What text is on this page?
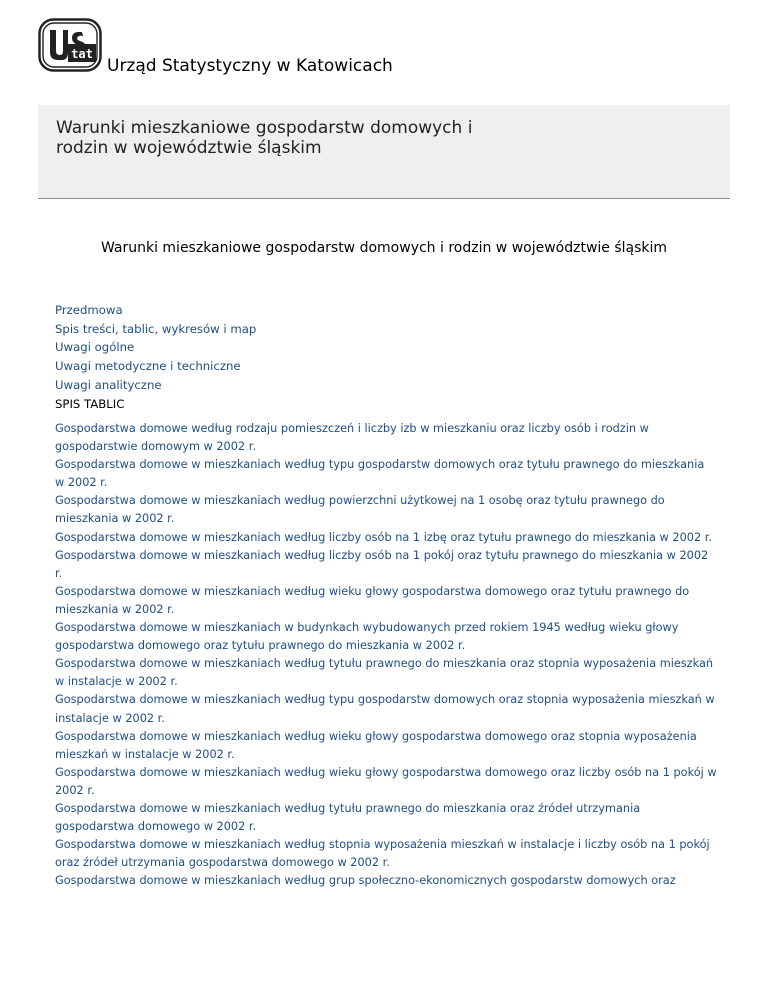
tat
Urząd Statystyczny w Katowicach
Warunki mieszkaniowe gospodarstw domowych i rodzin w województwie śląskim
Warunki mieszkaniowe gospodarstw domowych i rodzin w województwie śląskim
Przedmowa
Spis treści, tablic, wykresów i map
Uwagi ogólne
Uwagi metodyczne i techniczne
Uwagi analityczne
SPIS TABLIC
Gospodarstwa domowe według rodzaju pomieszczeń i liczby izb w mieszkaniu oraz liczby osób i rodzin w gospodarstwie domowym w 2002 r.
Gospodarstwa domowe w mieszkaniach według typu gospodarstw domowych oraz tytułu prawnego do mieszkania w 2002 r.
Gospodarstwa domowe w mieszkaniach według powierzchni użytkowej na 1 osobę oraz tytułu prawnego do mieszkania w 2002 r.
Gospodarstwa domowe w mieszkaniach według liczby osób na 1 izbę oraz tytułu prawnego do mieszkania w 2002 r.
Gospodarstwa domowe w mieszkaniach według liczby osób na 1 pokój oraz tytułu prawnego do mieszkania w 2002 r.
Gospodarstwa domowe w mieszkaniach według wieku głowy gospodarstwa domowego oraz tytułu prawnego do mieszkania w 2002 r.
Gospodarstwa domowe w mieszkaniach w budynkach wybudowanych przed rokiem 1945 według wieku głowy gospodarstwa domowego oraz tytułu prawnego do mieszkania w 2002 r.
Gospodarstwa domowe w mieszkaniach według tytułu prawnego do mieszkania oraz stopnia wyposażenia mieszkań w instalacje w 2002 r.
Gospodarstwa domowe w mieszkaniach według typu gospodarstw domowych oraz stopnia wyposażenia mieszkań w instalacje w 2002 r.
Gospodarstwa domowe w mieszkaniach według wieku głowy gospodarstwa domowego oraz stopnia wyposażenia mieszkań w instalacje w 2002 r.
Gospodarstwa domowe w mieszkaniach według wieku głowy gospodarstwa domowego oraz liczby osób na 1 pokój w 2002 r.
Gospodarstwa domowe w mieszkaniach według tytułu prawnego do mieszkania oraz źródeł utrzymania gospodarstwa domowego w 2002 r.
Gospodarstwa domowe w mieszkaniach według stopnia wyposażenia mieszkań w instalacje i liczby osób na 1 pokój oraz źródeł utrzymania gospodarstwa domowego w 2002 r.
Gospodarstwa domowe w mieszkaniach według grup społeczno-ekonomicznych gospodarstw domowych oraz
